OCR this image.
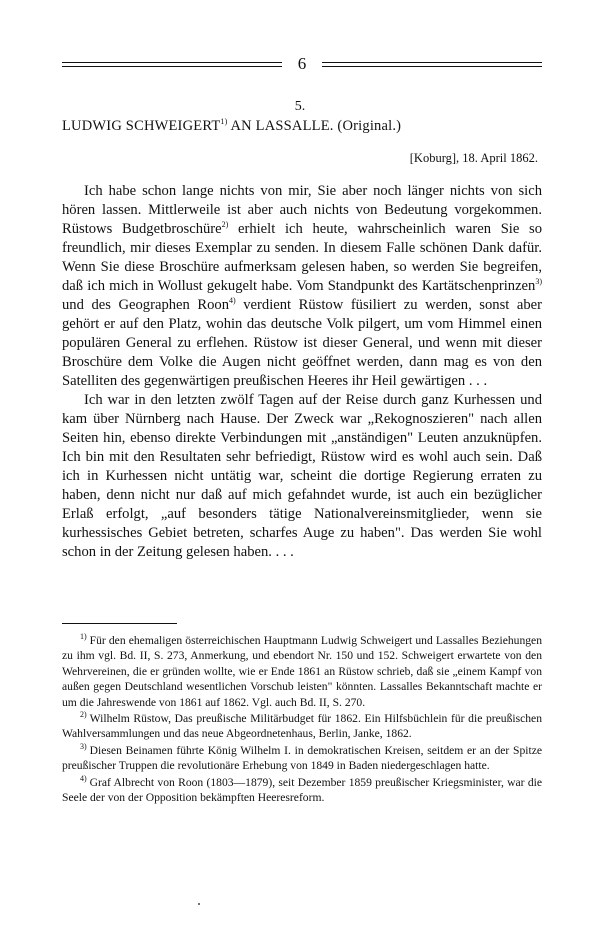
6
5.
LUDWIG SCHWEIGERT$^{1)}$ AN LASSALLE. (Original.)
[Koburg], 18. April 1862.

Ich habe schon lange nichts von mir, Sie aber noch länger nichts von sich hören lassen. Mittlerweile ist aber auch nichts von Bedeutung vorgekommen. Rüstows Budgetbroschüre$^{2)}$ erhielt ich heute, wahrscheinlich waren Sie so freundlich, mir dieses Exemplar zu senden. In diesem Falle schönen Dank dafür. Wenn Sie diese Broschüre aufmerksam gelesen haben, so werden Sie begreifen, daß ich mich in Wollust gekugelt habe. Vom Standpunkt des Kartätschenprinzen$^{3)}$ und des Geographen Roon$^{4)}$ verdient Rüstow füsiliert zu werden, sonst aber gehört er auf den Platz, wohin das deutsche Volk pilgert, um vom Himmel einen populären General zu erflehen. Rüstow ist dieser General, und wenn mit dieser Broschüre dem Volke die Augen nicht geöffnet werden, dann mag es von den Satelliten des gegenwärtigen preußischen Heeres ihr Heil gewärtigen . . .

Ich war in den letzten zwölf Tagen auf der Reise durch ganz Kurhessen und kam über Nürnberg nach Hause. Der Zweck war „Rekognoszieren" nach allen Seiten hin, ebenso direkte Verbindungen mit „anständigen" Leuten anzuknüpfen. Ich bin mit den Resultaten sehr befriedigt, Rüstow wird es wohl auch sein. Daß ich in Kurhessen nicht untätig war, scheint die dortige Regierung erraten zu haben, denn nicht nur daß auf mich gefahndet wurde, ist auch ein bezüglicher Erlaß erfolgt, „auf besonders tätige Nationalvereinsmitglieder, wenn sie kurhessisches Gebiet betreten, scharfes Auge zu haben". Das werden Sie wohl schon in der Zeitung gelesen haben. . . .

$^{1)}$ Für den ehemaligen österreichischen Hauptmann Ludwig Schweigert und Lassalles Beziehungen zu ihm vgl. Bd. II, S. 273, Anmerkung, und ebendort Nr. 150 und 152. Schweigert erwartete von den Wehrvereinen, die er gründen wollte, wie er Ende 1861 an Rüstow schrieb, daß sie „einem Kampf von außen gegen Deutschland wesentlichen Vorschub leisten" könnten. Lassalles Bekanntschaft machte er um die Jahreswende von 1861 auf 1862. Vgl. auch Bd. II, S. 270.

$^{2)}$ Wilhelm Rüstow, Das preußische Militärbudget für 1862. Ein Hilfsbüchlein für die preußischen Wahlversammlungen und das neue Abgeordnetenhaus, Berlin, Janke, 1862.

$^{3)}$ Diesen Beinamen führte König Wilhelm I. in demokratischen Kreisen, seitdem er an der Spitze preußischer Truppen die revolutionäre Erhebung von 1849 in Baden niedergeschlagen hatte.

$^{4)}$ Graf Albrecht von Roon (1803—1879), seit Dezember 1859 preußischer Kriegsminister, war die Seele der von der Opposition bekämpften Heeresreform.
